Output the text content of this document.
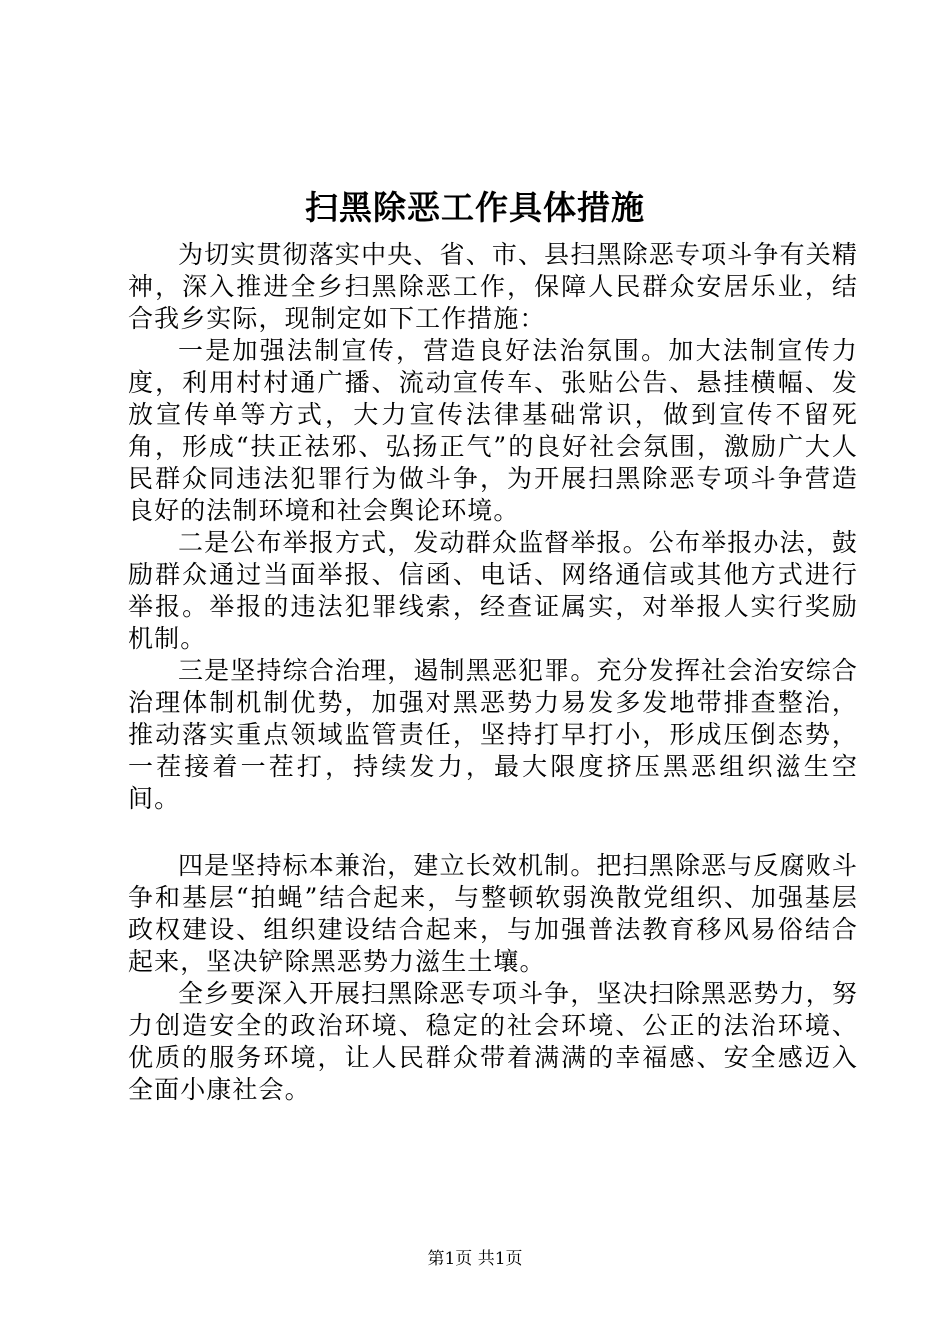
扫黑除恶工作具体措施

为切实贯彻落实中央、省、市、县扫黑除恶专项斗争有关精神，深入推进全乡扫黑除恶工作，保障人民群众安居乐业，结合我乡实际，现制定如下工作措施：

一是加强法制宣传，营造良好法治氛围。加大法制宣传力度，利用村村通广播、流动宣传车、张贴公告、悬挂横幅、发放宣传单等方式，大力宣传法律基础常识，做到宣传不留死角，形成“扶正祛邪、弘扬正气”的良好社会氛围，激励广大人民群众同违法犯罪行为做斗争，为开展扫黑除恶专项斗争营造良好的法制环境和社会舆论环境。

二是公布举报方式，发动群众监督举报。公布举报办法，鼓励群众通过当面举报、信函、电话、网络通信或其他方式进行举报。举报的违法犯罪线索，经查证属实，对举报人实行奖励机制。

三是坚持综合治理，遏制黑恶犯罪。充分发挥社会治安综合治理体制机制优势，加强对黑恶势力易发多发地带排查整治，推动落实重点领域监管责任，坚持打早打小，形成压倒态势，一茬接着一茬打，持续发力，最大限度挤压黑恶组织滋生空间。

四是坚持标本兼治，建立长效机制。把扫黑除恶与反腐败斗争和基层“拍蝇”结合起来，与整顿软弱涣散党组织、加强基层政权建设、组织建设结合起来，与加强普法教育移风易俗结合起来，坚决铲除黑恶势力滋生土壤。

全乡要深入开展扫黑除恶专项斗争，坚决扫除黑恶势力，努力创造安全的政治环境、稳定的社会环境、公正的法治环境、优质的服务环境，让人民群众带着满满的幸福感、安全感迈入全面小康社会。

第1页 共1页
